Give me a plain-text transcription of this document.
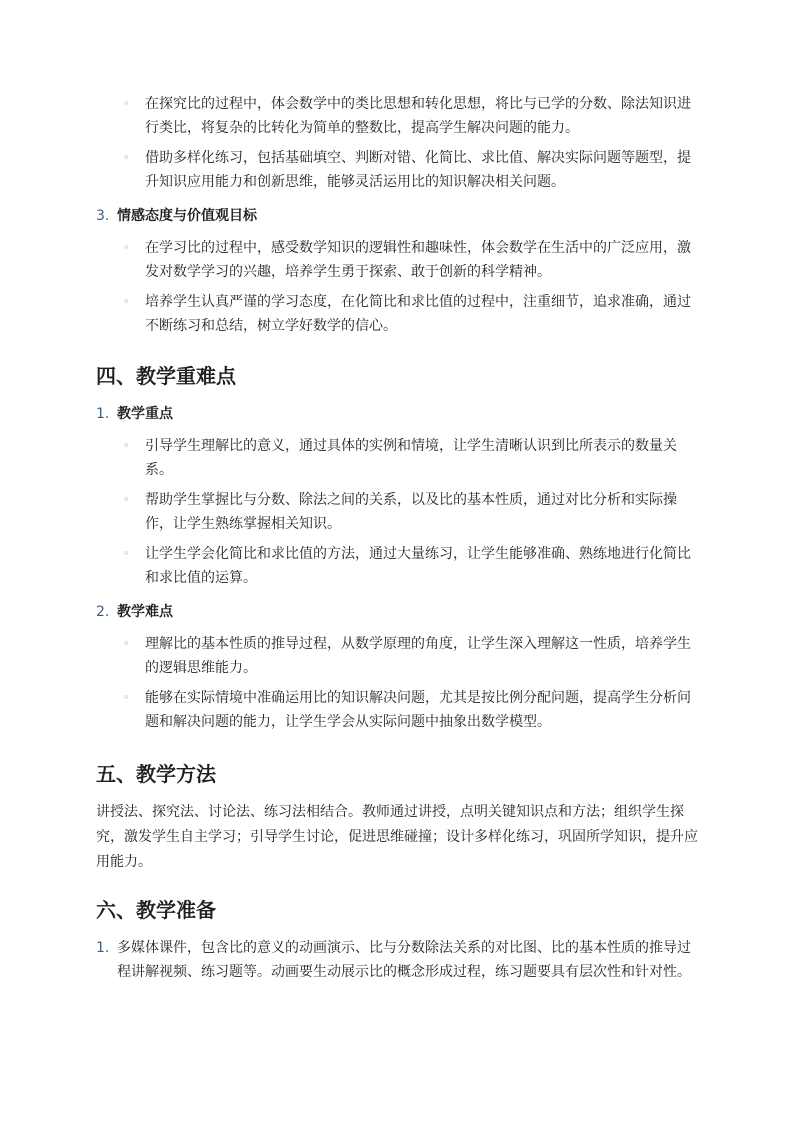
◦ 在探究比的过程中，体会数学中的类比思想和转化思想，将比与已学的分数、除法知识进行类比，将复杂的比转化为简单的整数比，提高学生解决问题的能力。
◦ 借助多样化练习，包括基础填空、判断对错、化简比、求比值、解决实际问题等题型，提升知识应用能力和创新思维，能够灵活运用比的知识解决相关问题。
3. 情感态度与价值观目标
◦ 在学习比的过程中，感受数学知识的逻辑性和趣味性，体会数学在生活中的广泛应用，激发对数学学习的兴趣，培养学生勇于探索、敢于创新的科学精神。
◦ 培养学生认真严谨的学习态度，在化简比和求比值的过程中，注重细节，追求准确，通过不断练习和总结，树立学好数学的信心。
四、教学重难点
1. 教学重点
◦ 引导学生理解比的意义，通过具体的实例和情境，让学生清晰认识到比所表示的数量关系。
◦ 帮助学生掌握比与分数、除法之间的关系，以及比的基本性质，通过对比分析和实际操作，让学生熟练掌握相关知识。
◦ 让学生学会化简比和求比值的方法，通过大量练习，让学生能够准确、熟练地进行化简比和求比值的运算。
2. 教学难点
◦ 理解比的基本性质的推导过程，从数学原理的角度，让学生深入理解这一性质，培养学生的逻辑思维能力。
◦ 能够在实际情境中准确运用比的知识解决问题，尤其是按比例分配问题，提高学生分析问题和解决问题的能力，让学生学会从实际问题中抽象出数学模型。
五、教学方法

讲授法、探究法、讨论法、练习法相结合。教师通过讲授，点明关键知识点和方法；组织学生探究，激发学生自主学习；引导学生讨论，促进思维碰撞；设计多样化练习，巩固所学知识，提升应用能力。

六、教学准备
1. 多媒体课件，包含比的意义的动画演示、比与分数除法关系的对比图、比的基本性质的推导过程讲解视频、练习题等。动画要生动展示比的概念形成过程，练习题要具有层次性和针对性。
